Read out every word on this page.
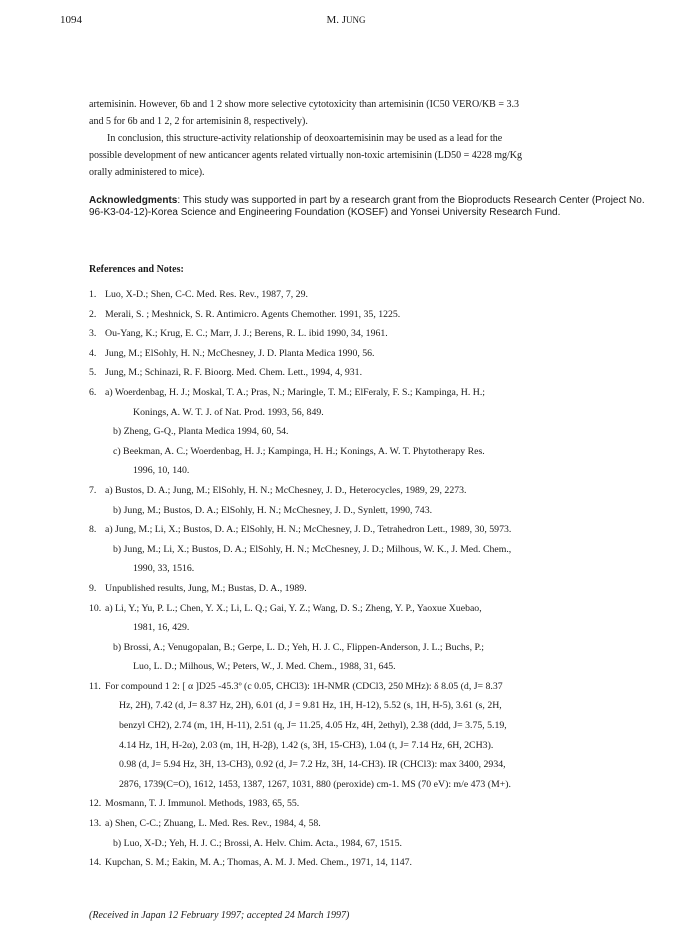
1094	M. JUNG

artemisinin. However, 6b and 1 2 show more selective cytotoxicity than artemisinin (IC50 VERO/KB = 3.3

and 5 for 6b and 1 2, 2 for artemisinin 8, respectively).

In conclusion, this structure-activity relationship of deoxoartemisinin may be used as a lead for the

possible development of new anticancer agents related virtually non-toxic artemisinin (LD50 = 4228 mg/Kg

orally administered to mice).

Acknowledgments: This study was supported in part by a research grant from the Bioproducts Research Center (Project No. 96-K3-04-12)-Korea Science and Engineering Foundation (KOSEF) and Yonsei University Research Fund.
References and Notes:
1. Luo, X-D.; Shen, C-C. Med. Res. Rev., 1987, 7, 29.
2. Merali, S. ; Meshnick, S. R. Antimicro. Agents Chemother. 1991, 35, 1225.
3. Ou-Yang, K.; Krug, E. C.; Marr, J. J.; Berens, R. L. ibid 1990, 34, 1961.
4. Jung, M.; ElSohly, H. N.; McChesney, J. D. Planta Medica 1990, 56.
5. Jung, M.; Schinazi, R. F. Bioorg. Med. Chem. Lett., 1994, 4, 931.
6. a) Woerdenbag, H. J.; Moskal, T. A.; Pras, N.; Maringle, T. M.; ElFeraly, F. S.; Kampinga, H. H.;
Konings, A. W. T. J. of Nat. Prod. 1993, 56, 849.
b) Zheng, G-Q., Planta Medica 1994, 60, 54.
c) Beekman, A. C.; Woerdenbag, H. J.; Kampinga, H. H.; Konings, A. W. T. Phytotherapy Res.
1996, 10, 140.
7. a) Bustos, D. A.; Jung, M.; ElSohly, H. N.; McChesney, J. D., Heterocycles, 1989, 29, 2273.
b) Jung, M.; Bustos, D. A.; ElSohly, H. N.; McChesney, J. D., Synlett, 1990, 743.
8. a) Jung, M.; Li, X.; Bustos, D. A.; ElSohly, H. N.; McChesney, J. D., Tetrahedron Lett., 1989, 30, 5973.
b) Jung, M.; Li, X.; Bustos, D. A.; ElSohly, H. N.; McChesney, J. D.; Milhous, W. K., J. Med. Chem.,
1990, 33, 1516.
9. Unpublished results, Jung, M.; Bustas, D. A., 1989.
10. a) Li, Y.; Yu, P. L.; Chen, Y. X.; Li, L. Q.; Gai, Y. Z.; Wang, D. S.; Zheng, Y. P., Yaoxue Xuebao,
1981, 16, 429.
b) Brossi, A.; Venugopalan, B.; Gerpe, L. D.; Yeh, H. J. C., Flippen-Anderson, J. L.; Buchs, P.;
Luo, L. D.; Milhous, W.; Peters, W., J. Med. Chem., 1988, 31, 645.
11. For compound 1 2: [ α ]D25 -45.3º (c 0.05, CHCl3): 1H-NMR (CDCl3, 250 MHz): δ 8.05 (d, J= 8.37
Hz, 2H), 7.42 (d, J= 8.37 Hz, 2H), 6.01 (d, J = 9.81 Hz, 1H, H-12), 5.52 (s, 1H, H-5), 3.61 (s, 2H,
benzyl CH2), 2.74 (m, 1H, H-11), 2.51 (q, J= 11.25, 4.05 Hz, 4H, 2ethyl), 2.38 (ddd, J= 3.75, 5.19,
4.14 Hz, 1H, H-2α), 2.03 (m, 1H, H-2β), 1.42 (s, 3H, 15-CH3), 1.04 (t, J= 7.14 Hz, 6H, 2CH3).
0.98 (d, J= 5.94 Hz, 3H, 13-CH3), 0.92 (d, J= 7.2 Hz, 3H, 14-CH3). IR (CHCl3): max 3400, 2934,
2876, 1739(C=O), 1612, 1453, 1387, 1267, 1031, 880 (peroxide) cm-1. MS (70 eV): m/e 473 (M+).
12. Mosmann, T. J. Immunol. Methods, 1983, 65, 55.
13. a) Shen, C-C.; Zhuang, L. Med. Res. Rev., 1984, 4, 58.
b) Luo, X-D.; Yeh, H. J. C.; Brossi, A. Helv. Chim. Acta., 1984, 67, 1515.
14. Kupchan, S. M.; Eakin, M. A.; Thomas, A. M. J. Med. Chem., 1971, 14, 1147.
(Received in Japan 12 February 1997; accepted 24 March 1997)
